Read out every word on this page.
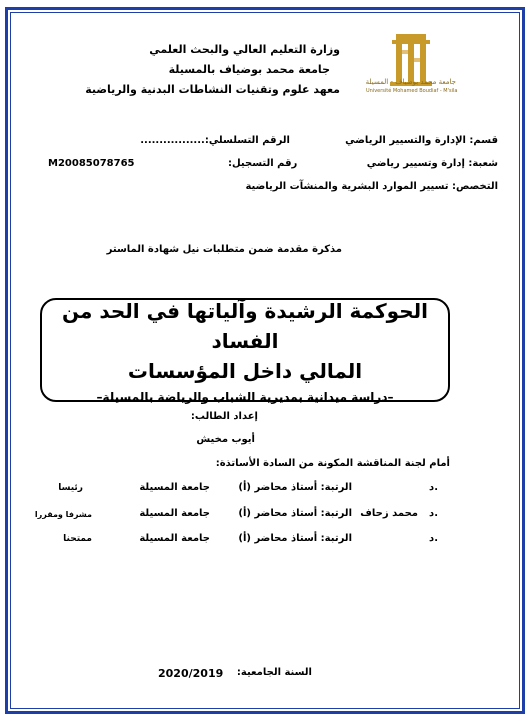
وزارة التعليم العالي والبحث العلمي
جامعة محمد بوضياف بالمسيلة
معهد علوم وتقنيات النشاطات البدنية والرياضية
جامعة محمد بوضياف - المسيلة
Université Mohamed Boudiaf - M'sila
قسم: الإدارة والتسيير الرياضي
الرقم التسلسلي:.................
شعبة: إدارة وتسيير رياضي
رقم التسجيل:
M20085078765
التخصص: تسيير الموارد البشرية والمنشآت الرياضية
مذكرة مقدمة ضمن متطلبات نيل شهادة الماستر
الحوكمة الرشيدة وآلياتها في الحد من الفساد
المالي داخل المؤسسات
–دراسة ميدانية بمديرية الشباب والرياضة بالمسيلة–
إعداد الطالب:
أيوب مخيش
أمام لجنة المناقشة المكونة من السادة الأساتذة:
د.
الرتبة: أستاذ محاضر (أ)
جامعة المسيلة
رئيسا
د.
محمد زحاف
الرتبة: أستاذ محاضر (أ)
جامعة المسيلة
مشرفا ومقررا
د.
الرتبة: أستاذ محاضر (أ)
جامعة المسيلة
ممتحنا
السنة الجامعية:
2020/2019
